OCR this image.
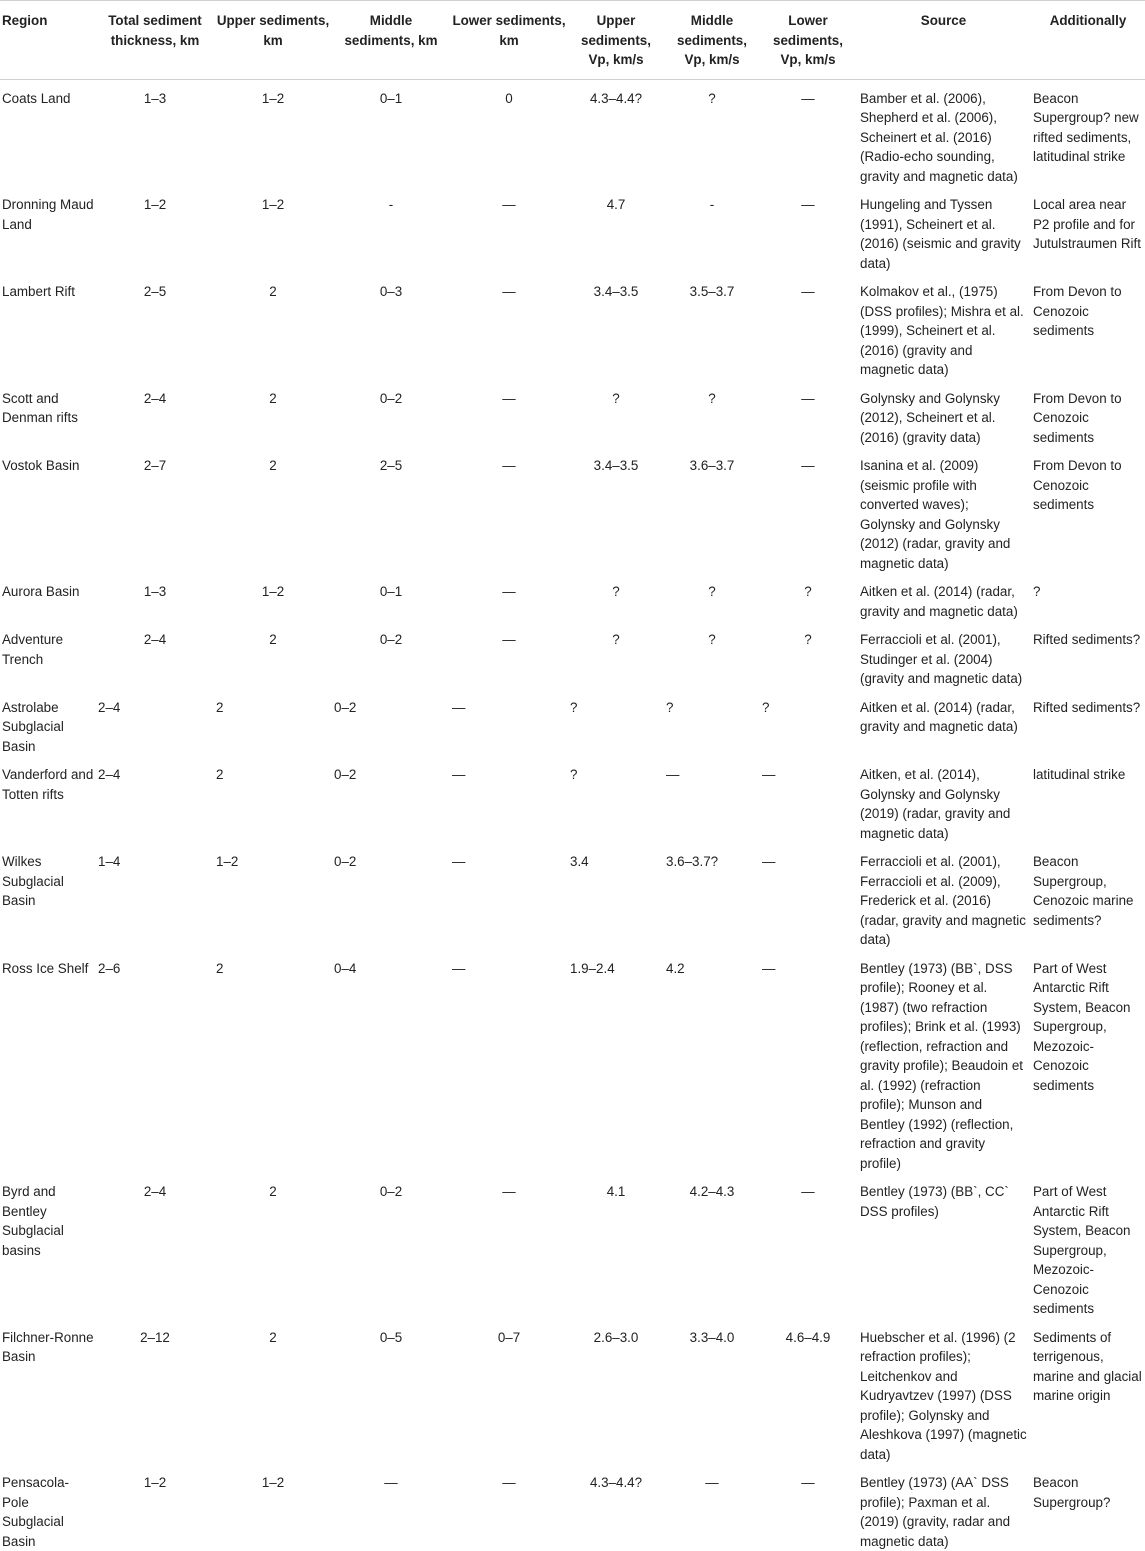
Region	Total sediment thickness, km	Upper sediments, km	Middle sediments, km	Lower sediments, km	Upper sediments, Vp, km/s	Middle sediments, Vp, km/s	Lower sediments, Vp, km/s	Source	Additionally
Coats Land	1–3	1–2	0–1	0	4.3–4.4?	?	—	Bamber et al. (2006), Shepherd et al. (2006), Scheinert et al. (2016) (Radio-echo sounding, gravity and magnetic data)	Beacon Supergroup? new rifted sediments, latitudinal strike
Dronning Maud Land	1–2	1–2	-	—	4.7	-	—	Hungeling and Tyssen (1991), Scheinert et al. (2016) (seismic and gravity data)	Local area near P2 profile and for Jutulstraumen Rift
Lambert Rift	2–5	2	0–3	—	3.4–3.5	3.5–3.7	—	Kolmakov et al., (1975) (DSS profiles); Mishra et al. (1999), Scheinert et al. (2016) (gravity and magnetic data)	From Devon to Cenozoic sediments
Scott and Denman rifts	2–4	2	0–2	—	?	?	—	Golynsky and Golynsky (2012), Scheinert et al. (2016) (gravity data)	From Devon to Cenozoic sediments
Vostok Basin	2–7	2	2–5	—	3.4–3.5	3.6–3.7	—	Isanina et al. (2009) (seismic profile with converted waves); Golynsky and Golynsky (2012) (radar, gravity and magnetic data)	From Devon to Cenozoic sediments
Aurora Basin	1–3	1–2	0–1	—	?	?	?	Aitken et al. (2014) (radar, gravity and magnetic data)	?
Adventure Trench	2–4	2	0–2	—	?	?	?	Ferraccioli et al. (2001), Studinger et al. (2004) (gravity and magnetic data)	Rifted sediments?
Astrolabe Subglacial Basin	2–4	2	0–2	—	?	?	?	Aitken et al. (2014) (radar, gravity and magnetic data)	Rifted sediments?
Vanderford and Totten rifts	2–4	2	0–2	—	?	—	—	Aitken, et al. (2014), Golynsky and Golynsky (2019) (radar, gravity and magnetic data)	latitudinal strike
Wilkes Subglacial Basin	1–4	1–2	0–2	—	3.4	3.6–3.7?	—	Ferraccioli et al. (2001), Ferraccioli et al. (2009), Frederick et al. (2016) (radar, gravity and magnetic data)	Beacon Supergroup, Cenozoic marine sediments?
Ross Ice Shelf	2–6	2	0–4	—	1.9–2.4	4.2	—	Bentley (1973) (BB`, DSS profile); Rooney et al. (1987) (two refraction profiles); Brink et al. (1993) (reflection, refraction and gravity profile); Beaudoin et al. (1992) (refraction profile); Munson and Bentley (1992) (reflection, refraction and gravity profile)	Part of West Antarctic Rift System, Beacon Supergroup, Mezozoic-Cenozoic sediments
Byrd and Bentley Subglacial basins	2–4	2	0–2	—	4.1	4.2–4.3	—	Bentley (1973) (BB`, CC` DSS profiles)	Part of West Antarctic Rift System, Beacon Supergroup, Mezozoic-Cenozoic sediments
Filchner-Ronne Basin	2–12	2	0–5	0–7	2.6–3.0	3.3–4.0	4.6–4.9	Huebscher et al. (1996) (2 refraction profiles); Leitchenkov and Kudryavtzev (1997) (DSS profile); Golynsky and Aleshkova (1997) (magnetic data)	Sediments of terrigenous, marine and glacial marine origin
Pensacola-Pole Subglacial Basin	1–2	1–2	—	—	4.3–4.4?	—	—	Bentley (1973) (AA` DSS profile); Paxman et al. (2019) (gravity, radar and magnetic data)	Beacon Supergroup?
